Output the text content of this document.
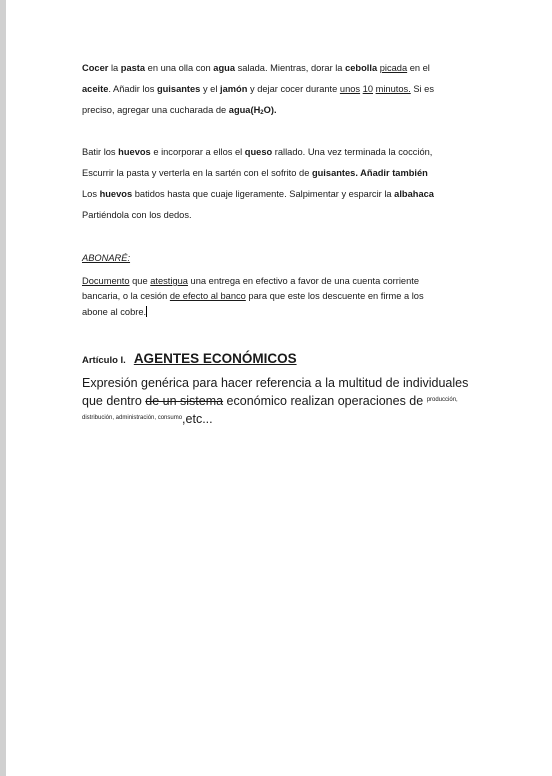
Cocer la pasta en una olla con agua salada. Mientras, dorar la cebolla picada en el
aceite. Añadir los guisantes y el jamón y dejar cocer durante unos 10 minutos. Si es
preciso, agregar una cucharada de agua(H2O).
Batir los huevos e incorporar a ellos el queso rallado. Una vez terminada la cocción,
Escurrir la pasta y verterla en la sartén con el sofrito de guisantes. Añadir también
Los huevos batidos hasta que cuaje ligeramente. Salpimentar y esparcir la albahaca
Partiéndola con los dedos.
ABONARÉ:
Documento que atestigua una entrega en efectivo a favor de una cuenta corriente
bancaria, o la cesión de efecto al banco para que este los descuente en firme a los
abone al cobre.
Artículo I. AGENTES ECONÓMICOS
Expresión genérica para hacer referencia a la multitud de individuales
que dentro de un sistema económico realizan operaciones de $^{producción,}$
$^{distribución, administración, consumo}$,etc...
